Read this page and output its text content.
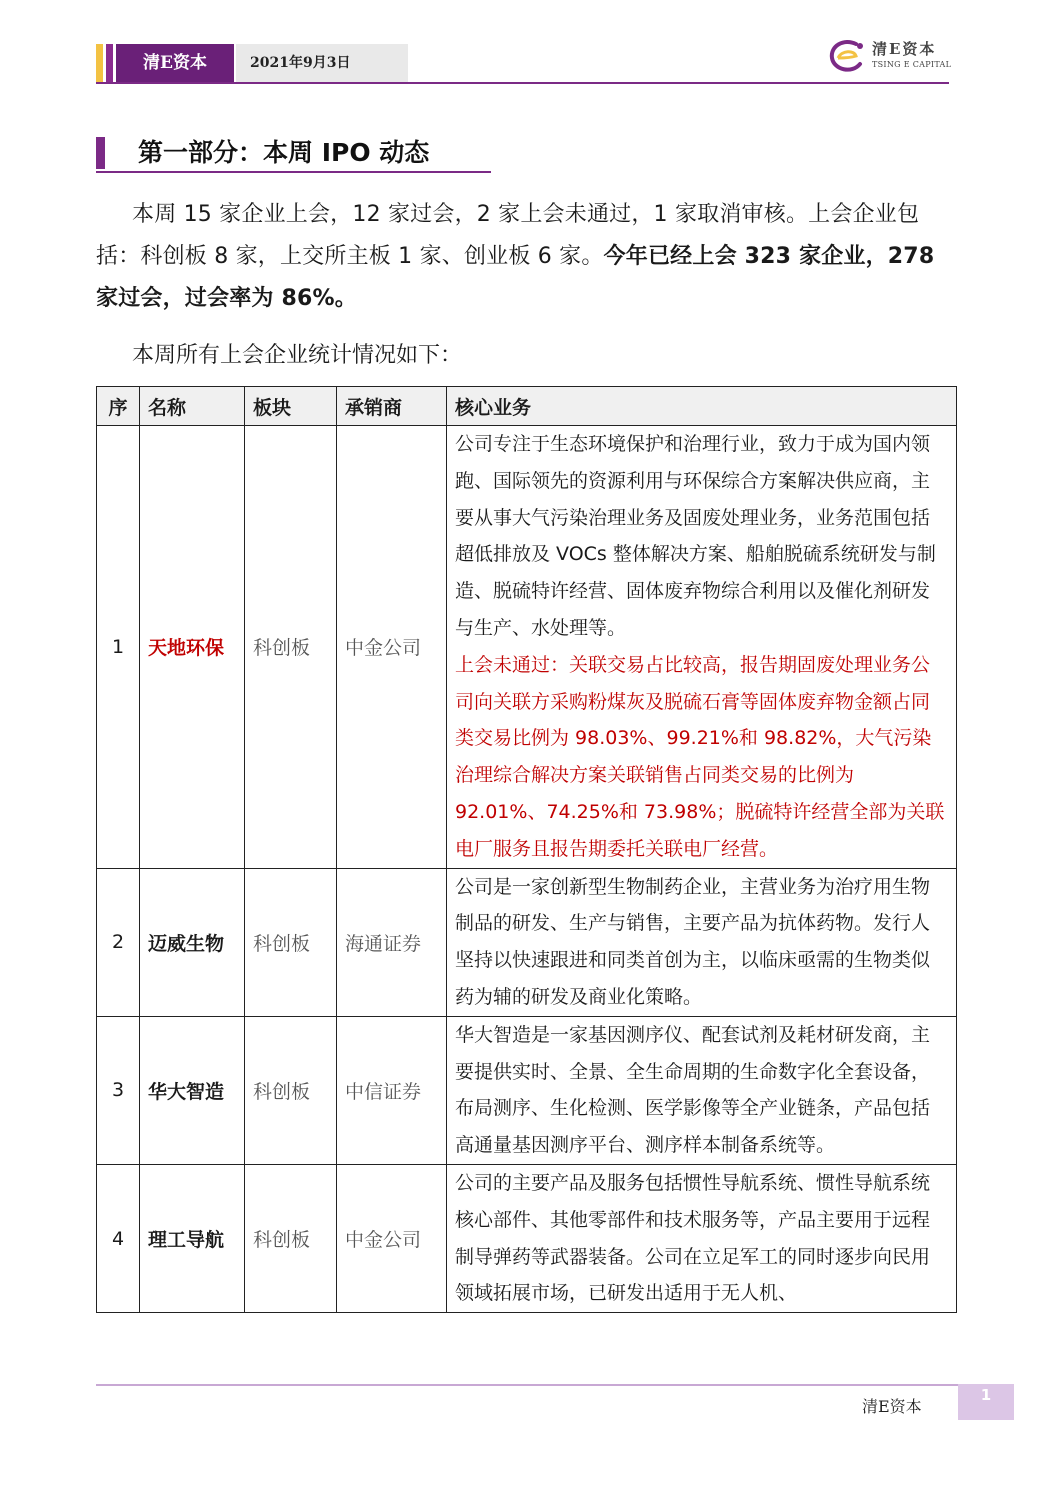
清E资本	2021年9月3日
清E资本
TSING E CAPITAL
第一部分：本周 IPO 动态
本周 15 家企业上会，12 家过会，2 家上会未通过，1 家取消审核。上会企业包括：科创板 8 家，上交所主板 1 家、创业板 6 家。今年已经上会 323 家企业，278 家过会，过会率为 86%。
本周所有上会企业统计情况如下：
序	名称	板块	承销商	核心业务
1	天地环保	科创板	中金公司	公司专注于生态环境保护和治理行业，致力于成为国内领跑、国际领先的资源利用与环保综合方案解决供应商，主要从事大气污染治理业务及固废处理业务，业务范围包括超低排放及 VOCs 整体解决方案、船舶脱硫系统研发与制造、脱硫特许经营、固体废弃物综合利用以及催化剂研发与生产、水处理等。
上会未通过：关联交易占比较高，报告期固废处理业务公司向关联方采购粉煤灰及脱硫石膏等固体废弃物金额占同类交易比例为 98.03%、99.21%和 98.82%，大气污染治理综合解决方案关联销售占同类交易的比例为 92.01%、74.25%和 73.98%；脱硫特许经营全部为关联电厂服务且报告期委托关联电厂经营。
2	迈威生物	科创板	海通证券	公司是一家创新型生物制药企业，主营业务为治疗用生物制品的研发、生产与销售，主要产品为抗体药物。发行人坚持以快速跟进和同类首创为主，以临床亟需的生物类似药为辅的研发及商业化策略。
3	华大智造	科创板	中信证券	华大智造是一家基因测序仪、配套试剂及耗材研发商，主要提供实时、全景、全生命周期的生命数字化全套设备，布局测序、生化检测、医学影像等全产业链条，产品包括高通量基因测序平台、测序样本制备系统等。
4	理工导航	科创板	中金公司	公司的主要产品及服务包括惯性导航系统、惯性导航系统核心部件、其他零部件和技术服务等，产品主要用于远程制导弹药等武器装备。公司在立足军工的同时逐步向民用领域拓展市场，已研发出适用于无人机、
清E资本
1
